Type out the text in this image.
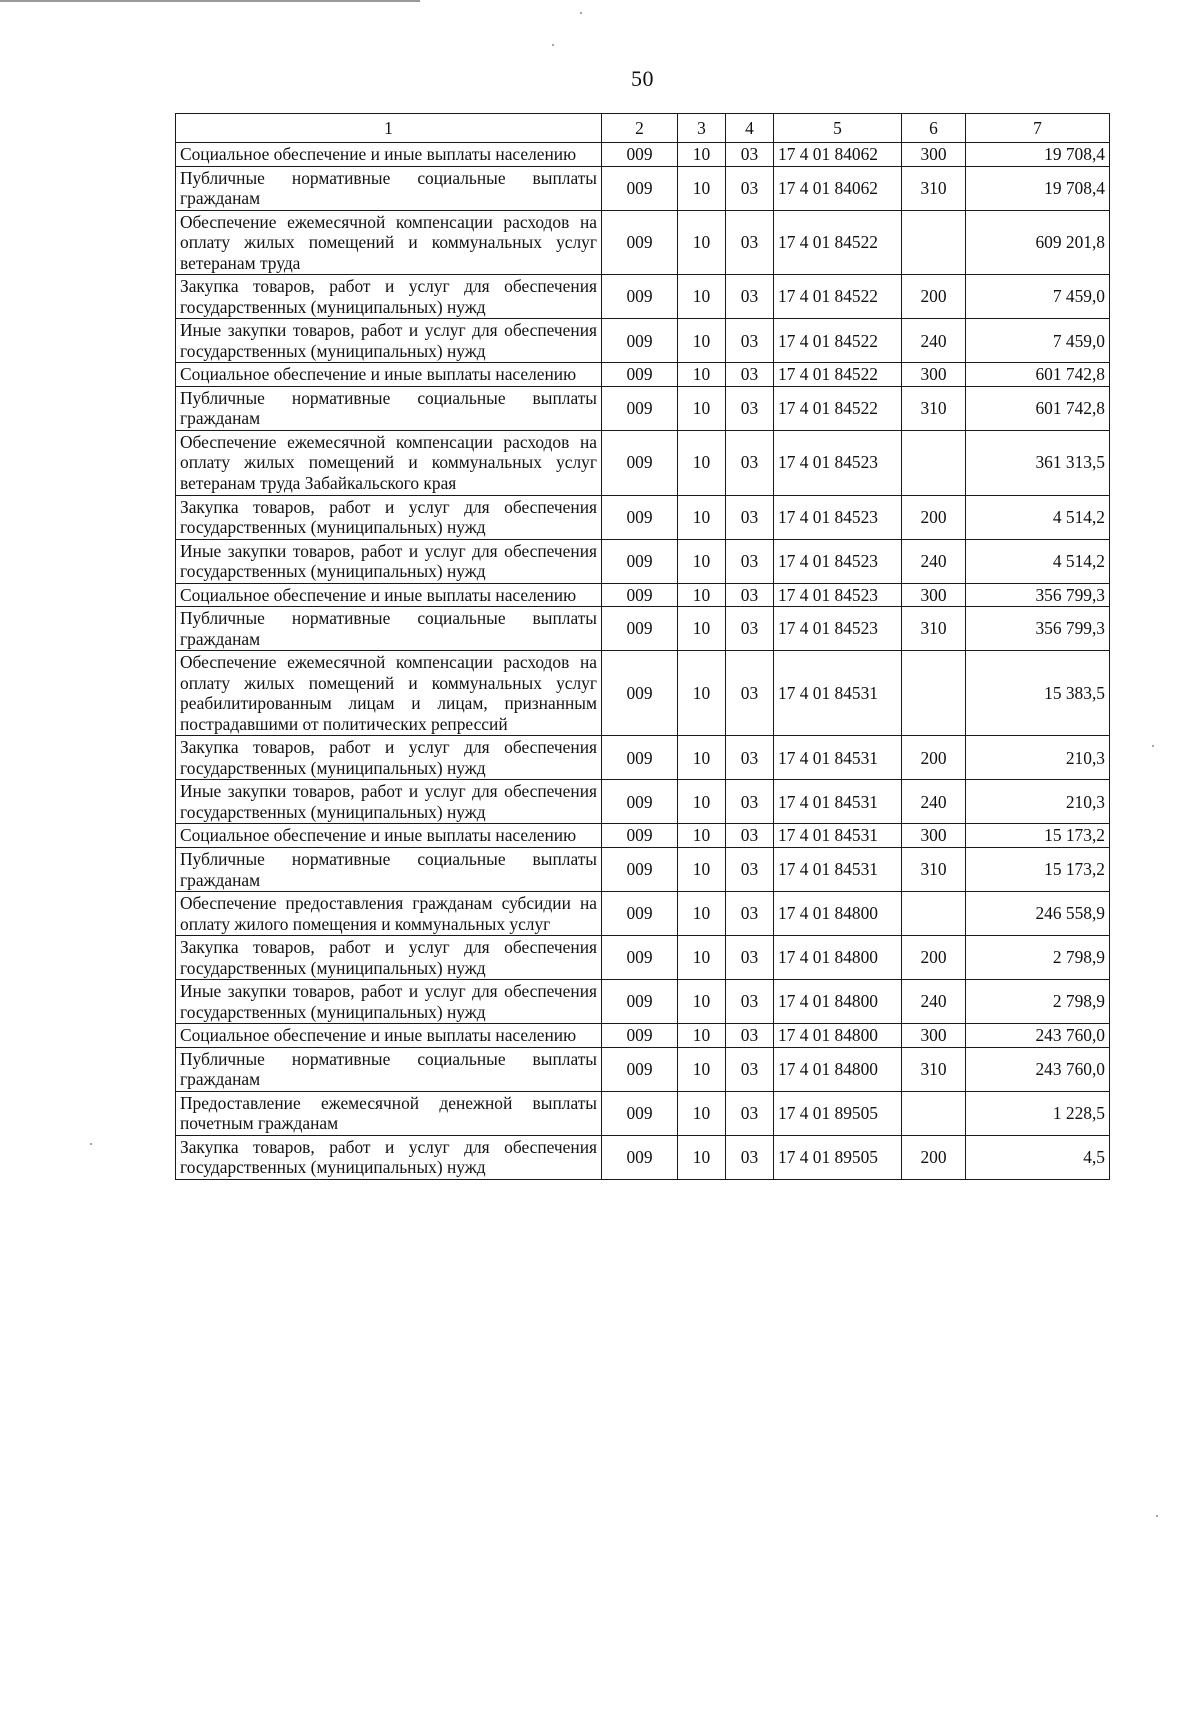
50
1	2	3	4	5	6	7
Социальное обеспечение и иные выплаты населению	009	10	03	17 4 01 84062	300	19 708,4
Публичные нормативные социальные выплаты гражданам	009	10	03	17 4 01 84062	310	19 708,4
Обеспечение ежемесячной компенсации расходов на оплату жилых помещений и коммунальных услуг ветеранам труда	009	10	03	17 4 01 84522		609 201,8
Закупка товаров, работ и услуг для обеспечения государственных (муниципальных) нужд	009	10	03	17 4 01 84522	200	7 459,0
Иные закупки товаров, работ и услуг для обеспечения государственных (муниципальных) нужд	009	10	03	17 4 01 84522	240	7 459,0
Социальное обеспечение и иные выплаты населению	009	10	03	17 4 01 84522	300	601 742,8
Публичные нормативные социальные выплаты гражданам	009	10	03	17 4 01 84522	310	601 742,8
Обеспечение ежемесячной компенсации расходов на оплату жилых помещений и коммунальных услуг ветеранам труда Забайкальского края	009	10	03	17 4 01 84523		361 313,5
Закупка товаров, работ и услуг для обеспечения государственных (муниципальных) нужд	009	10	03	17 4 01 84523	200	4 514,2
Иные закупки товаров, работ и услуг для обеспечения государственных (муниципальных) нужд	009	10	03	17 4 01 84523	240	4 514,2
Социальное обеспечение и иные выплаты населению	009	10	03	17 4 01 84523	300	356 799,3
Публичные нормативные социальные выплаты гражданам	009	10	03	17 4 01 84523	310	356 799,3
Обеспечение ежемесячной компенсации расходов на оплату жилых помещений и коммунальных услуг реабилитированным лицам и лицам, признанным пострадавшими от политических репрессий	009	10	03	17 4 01 84531		15 383,5
Закупка товаров, работ и услуг для обеспечения государственных (муниципальных) нужд	009	10	03	17 4 01 84531	200	210,3
Иные закупки товаров, работ и услуг для обеспечения государственных (муниципальных) нужд	009	10	03	17 4 01 84531	240	210,3
Социальное обеспечение и иные выплаты населению	009	10	03	17 4 01 84531	300	15 173,2
Публичные нормативные социальные выплаты гражданам	009	10	03	17 4 01 84531	310	15 173,2
Обеспечение предоставления гражданам субсидии на оплату жилого помещения и коммунальных услуг	009	10	03	17 4 01 84800		246 558,9
Закупка товаров, работ и услуг для обеспечения государственных (муниципальных) нужд	009	10	03	17 4 01 84800	200	2 798,9
Иные закупки товаров, работ и услуг для обеспечения государственных (муниципальных) нужд	009	10	03	17 4 01 84800	240	2 798,9
Социальное обеспечение и иные выплаты населению	009	10	03	17 4 01 84800	300	243 760,0
Публичные нормативные социальные выплаты гражданам	009	10	03	17 4 01 84800	310	243 760,0
Предоставление ежемесячной денежной выплаты почетным гражданам	009	10	03	17 4 01 89505		1 228,5
Закупка товаров, работ и услуг для обеспечения государственных (муниципальных) нужд	009	10	03	17 4 01 89505	200	4,5
